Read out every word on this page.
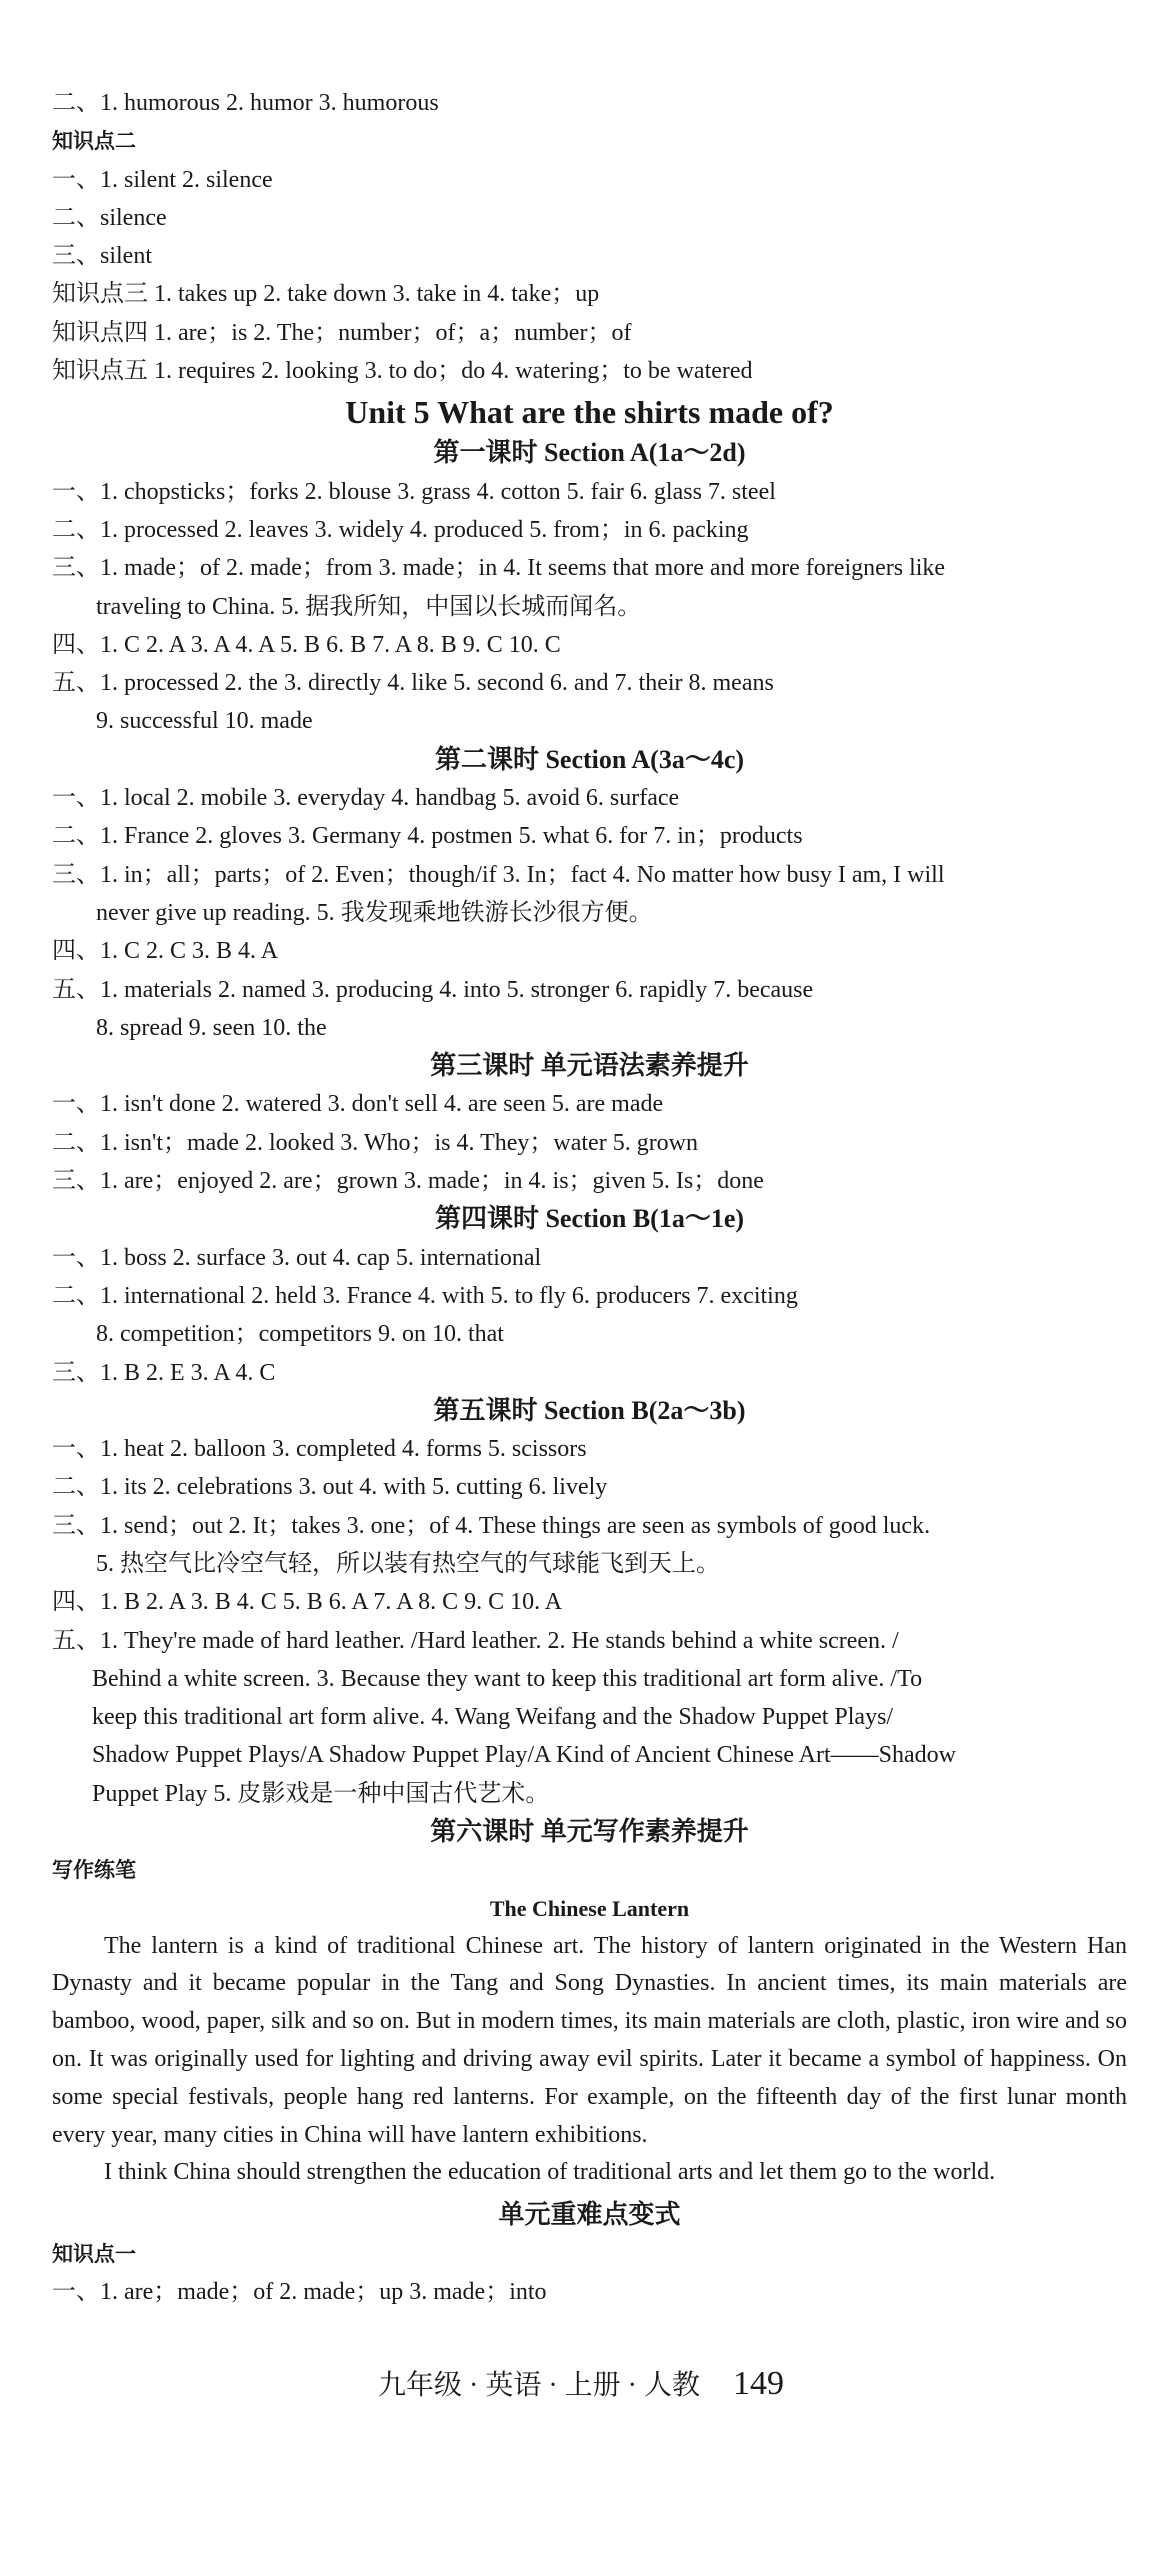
二、1. humorous 2. humor 3. humorous
知识点二
一、1. silent 2. silence
二、silence
三、silent
知识点三 1. takes up 2. take down 3. take in 4. take；up
知识点四 1. are；is 2. The；number；of；a；number；of
知识点五 1. requires 2. looking 3. to do；do 4. watering；to be watered
Unit 5 What are the shirts made of?
第一课时 Section A(1a～2d)
一、1. chopsticks；forks 2. blouse 3. grass 4. cotton 5. fair 6. glass 7. steel
二、1. processed 2. leaves 3. widely 4. produced 5. from；in 6. packing
三、1. made；of 2. made；from 3. made；in 4. It seems that more and more foreigners like
traveling to China. 5. 据我所知，中国以长城而闻名。
四、1. C 2. A 3. A 4. A 5. B 6. B 7. A 8. B 9. C 10. C
五、1. processed 2. the 3. directly 4. like 5. second 6. and 7. their 8. means
9. successful 10. made
第二课时 Section A(3a～4c)
一、1. local 2. mobile 3. everyday 4. handbag 5. avoid 6. surface
二、1. France 2. gloves 3. Germany 4. postmen 5. what 6. for 7. in；products
三、1. in；all；parts；of 2. Even；though/if 3. In；fact 4. No matter how busy I am, I will
never give up reading. 5. 我发现乘地铁游长沙很方便。
四、1. C 2. C 3. B 4. A
五、1. materials 2. named 3. producing 4. into 5. stronger 6. rapidly 7. because
8. spread 9. seen 10. the
第三课时 单元语法素养提升
一、1. isn't done 2. watered 3. don't sell 4. are seen 5. are made
二、1. isn't；made 2. looked 3. Who；is 4. They；water 5. grown
三、1. are；enjoyed 2. are；grown 3. made；in 4. is；given 5. Is；done
第四课时 Section B(1a～1e)
一、1. boss 2. surface 3. out 4. cap 5. international
二、1. international 2. held 3. France 4. with 5. to fly 6. producers 7. exciting
8. competition；competitors 9. on 10. that
三、1. B 2. E 3. A 4. C
第五课时 Section B(2a～3b)
一、1. heat 2. balloon 3. completed 4. forms 5. scissors
二、1. its 2. celebrations 3. out 4. with 5. cutting 6. lively
三、1. send；out 2. It；takes 3. one；of 4. These things are seen as symbols of good luck.
5. 热空气比冷空气轻，所以装有热空气的气球能飞到天上。
四、1. B 2. A 3. B 4. C 5. B 6. A 7. A 8. C 9. C 10. A
五、1. They're made of hard leather. /Hard leather. 2. He stands behind a white screen. /
Behind a white screen. 3. Because they want to keep this traditional art form alive. /To
keep this traditional art form alive. 4. Wang Weifang and the Shadow Puppet Plays/
Shadow Puppet Plays/A Shadow Puppet Play/A Kind of Ancient Chinese Art——Shadow
Puppet Play 5. 皮影戏是一种中国古代艺术。
第六课时 单元写作素养提升
写作练笔
The Chinese Lantern

The lantern is a kind of traditional Chinese art. The history of lantern originated in the Western Han Dynasty and it became popular in the Tang and Song Dynasties. In ancient times, its main materials are bamboo, wood, paper, silk and so on. But in modern times, its main materials are cloth, plastic, iron wire and so on. It was originally used for lighting and driving away evil spirits. Later it became a symbol of happiness. On some special festivals, people hang red lanterns. For example, on the fifteenth day of the first lunar month every year, many cities in China will have lantern exhibitions.

I think China should strengthen the education of traditional arts and let them go to the world.

单元重难点变式
知识点一
一、1. are；made；of 2. made；up 3. made；into
九年级 · 英语 · 上册 · 人教 149
